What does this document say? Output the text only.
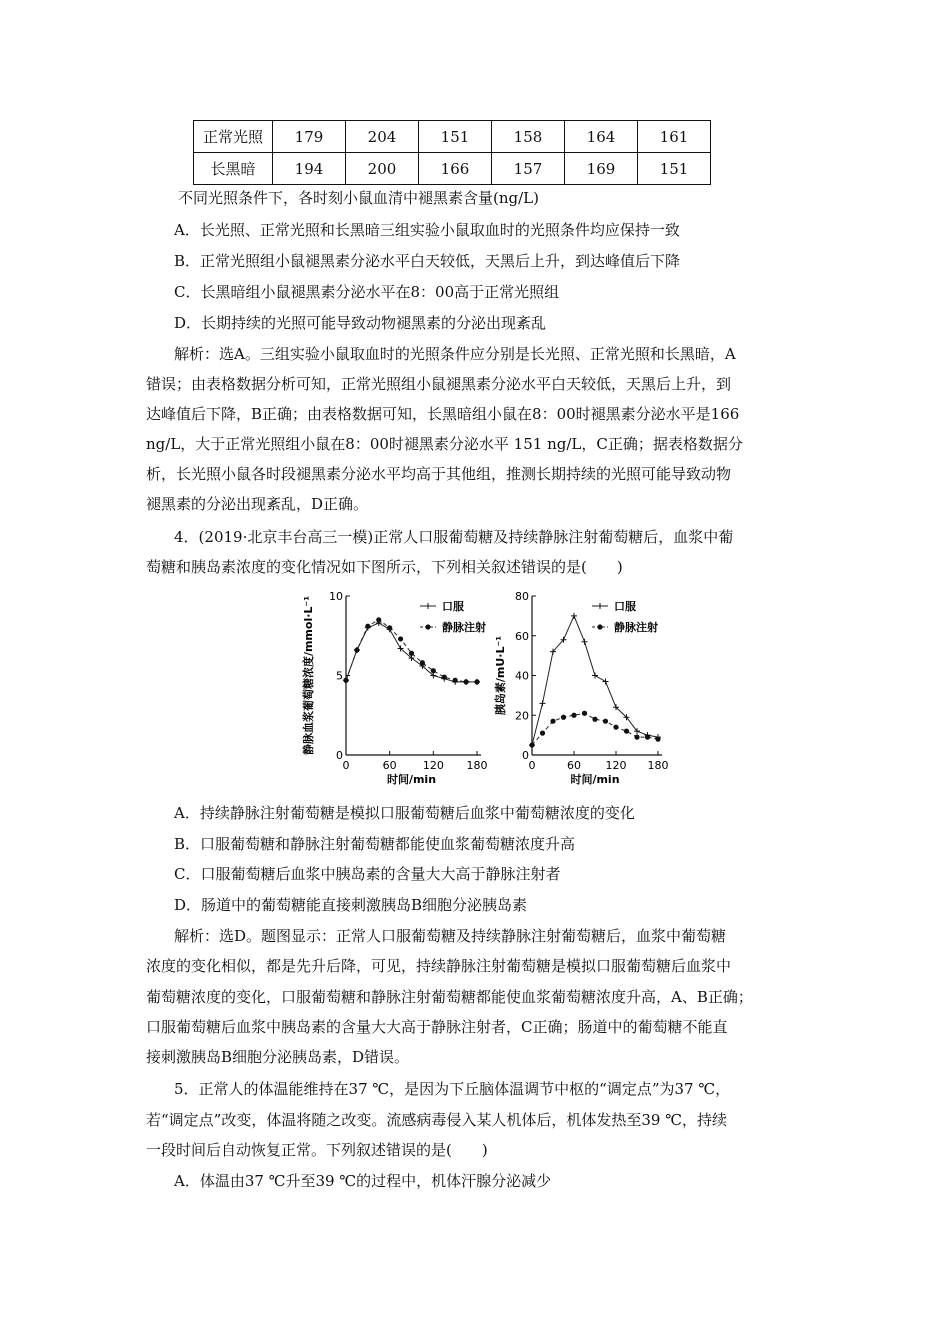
正常光照	179	204	151	158	164	161
长黑暗	194	200	166	157	169	151
不同光照条件下，各时刻小鼠血清中褪黑素含量(ng/L)
A．长光照、正常光照和长黑暗三组实验小鼠取血时的光照条件均应保持一致
B．正常光照组小鼠褪黑素分泌水平白天较低，天黑后上升，到达峰值后下降
C．长黑暗组小鼠褪黑素分泌水平在8：00高于正常光照组
D．长期持续的光照可能导致动物褪黑素的分泌出现紊乱
解析：选A。三组实验小鼠取血时的光照条件应分别是长光照、正常光照和长黑暗，A
错误；由表格数据分析可知，正常光照组小鼠褪黑素分泌水平白天较低，天黑后上升，到
达峰值后下降，B正确；由表格数据可知，长黑暗组小鼠在8：00时褪黑素分泌水平是166
ng/L，大于正常光照组小鼠在8：00时褪黑素分泌水平 151 ng/L，C正确；据表格数据分
析，长光照小鼠各时段褪黑素分泌水平均高于其他组，推测长期持续的光照可能导致动物
褪黑素的分泌出现紊乱，D正确。
4．(2019·北京丰台高三一模)正常人口服葡萄糖及持续静脉注射葡萄糖后，血浆中葡
萄糖和胰岛素浓度的变化情况如下图所示，下列相关叙述错误的是(　　)
0
5
10
0	60 120 180
时间/min
静脉血浆葡萄糖浓度/mmol·L⁻¹	口服
静脉注射
0
20
40
60
80
0	60 120 180
时间/min
胰岛素/mU·L⁻¹
口服
静脉注射
A．持续静脉注射葡萄糖是模拟口服葡萄糖后血浆中葡萄糖浓度的变化
B．口服葡萄糖和静脉注射葡萄糖都能使血浆葡萄糖浓度升高
C．口服葡萄糖后血浆中胰岛素的含量大大高于静脉注射者
D．肠道中的葡萄糖能直接刺激胰岛B细胞分泌胰岛素
解析：选D。题图显示：正常人口服葡萄糖及持续静脉注射葡萄糖后，血浆中葡萄糖
浓度的变化相似，都是先升后降，可见，持续静脉注射葡萄糖是模拟口服葡萄糖后血浆中
葡萄糖浓度的变化，口服葡萄糖和静脉注射葡萄糖都能使血浆葡萄糖浓度升高，A、B正确；
口服葡萄糖后血浆中胰岛素的含量大大高于静脉注射者，C正确；肠道中的葡萄糖不能直
接刺激胰岛B细胞分泌胰岛素，D错误。
5．正常人的体温能维持在37 ℃，是因为下丘脑体温调节中枢的“调定点”为37 ℃，
若“调定点”改变，体温将随之改变。流感病毒侵入某人机体后，机体发热至39 ℃，持续
一段时间后自动恢复正常。下列叙述错误的是(　　)
A．体温由37 ℃升至39 ℃的过程中，机体汗腺分泌减少
